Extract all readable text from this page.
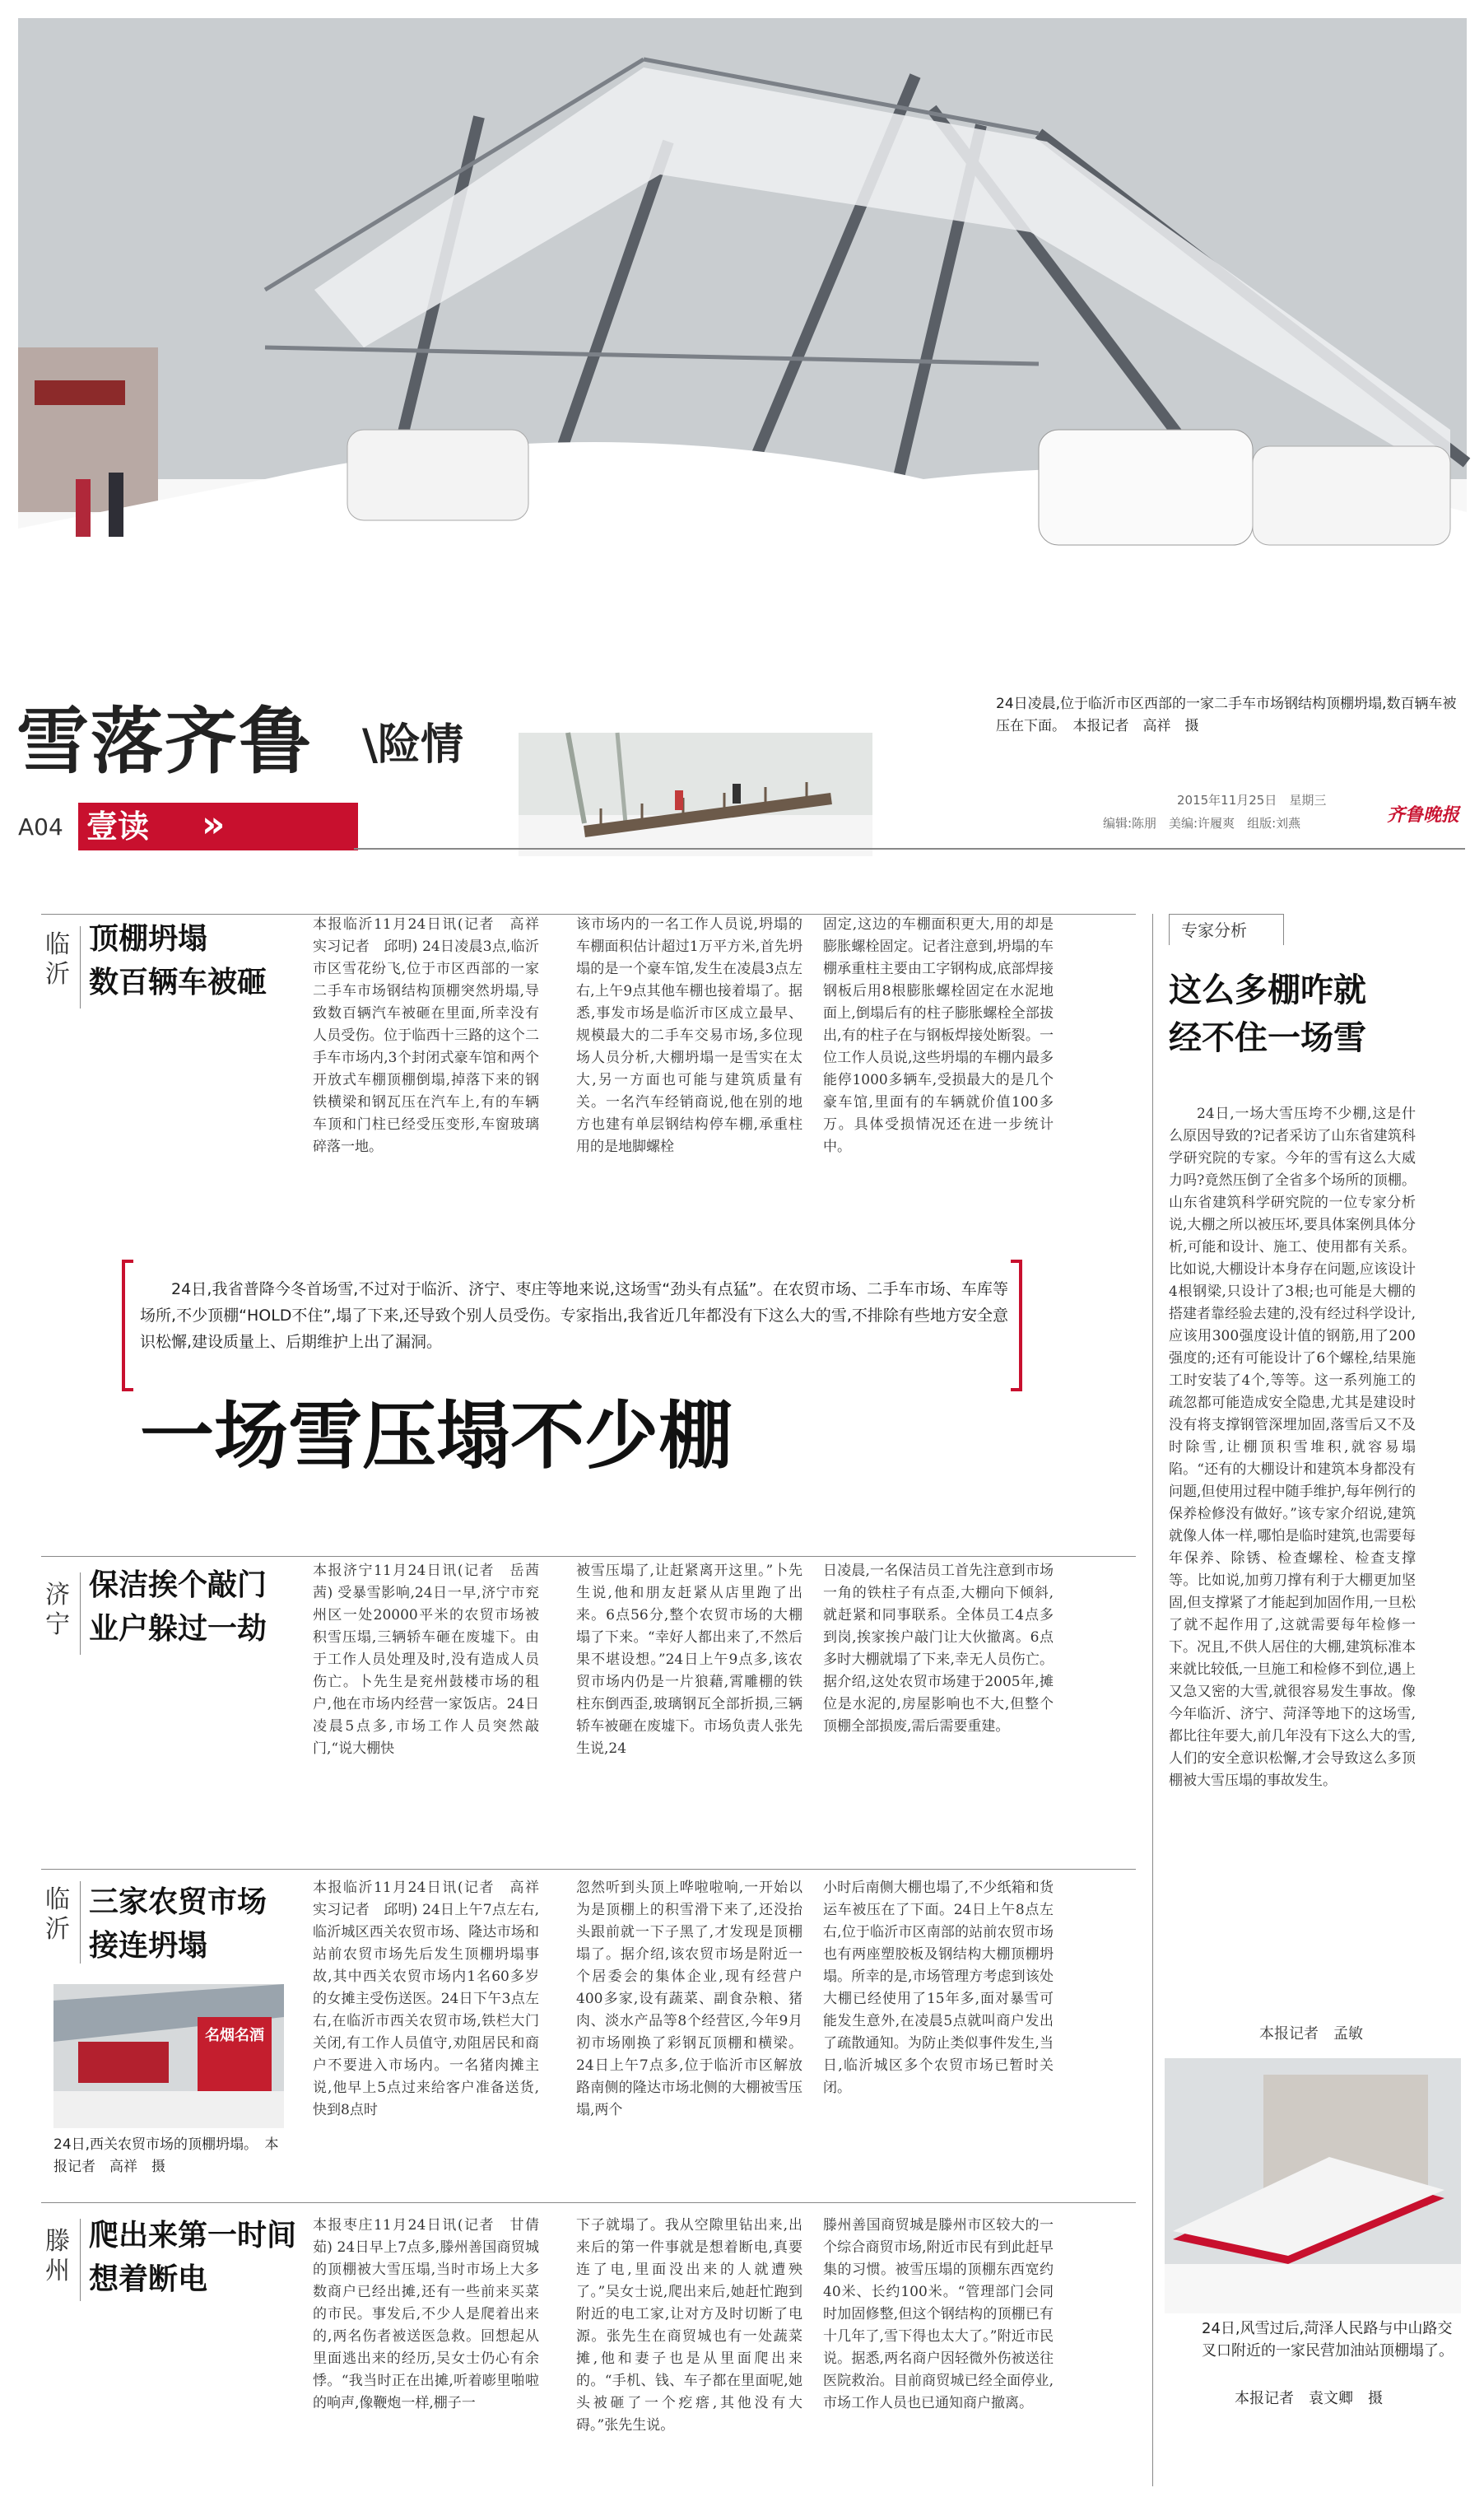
雪落齐鲁	\险情
A04 壹读 »
24日凌晨,位于临沂市区西部的一家二手车市场钢结构顶棚坍塌,数百辆车被压在下面。　本报记者　高祥　摄
2015年11月25日　星期三
编辑:陈朋　美编:许履爽　组版:刘燕	齐鲁晚报
临沂
顶棚坍塌
数百辆车被砸
本报临沂11月24日讯(记者　高祥　实习记者　邱明) 24日凌晨3点,临沂市区雪花纷飞,位于市区西部的一家二手车市场钢结构顶棚突然坍塌,导致数百辆汽车被砸在里面,所幸没有人员受伤。位于临西十三路的这个二手车市场内,3个封闭式豪车馆和两个开放式车棚顶棚倒塌,掉落下来的钢铁横梁和钢瓦压在汽车上,有的车辆车顶和门柱已经受压变形,车窗玻璃碎落一地。
该市场内的一名工作人员说,坍塌的车棚面积估计超过1万平方米,首先坍塌的是一个豪车馆,发生在凌晨3点左右,上午9点其他车棚也接着塌了。据悉,事发市场是临沂市区成立最早、规模最大的二手车交易市场,多位现场人员分析,大棚坍塌一是雪实在太大,另一方面也可能与建筑质量有关。一名汽车经销商说,他在别的地方也建有单层钢结构停车棚,承重柱用的是地脚螺栓
固定,这边的车棚面积更大,用的却是膨胀螺栓固定。记者注意到,坍塌的车棚承重柱主要由工字钢构成,底部焊接钢板后用8根膨胀螺栓固定在水泥地面上,倒塌后有的柱子膨胀螺栓全部拔出,有的柱子在与钢板焊接处断裂。一位工作人员说,这些坍塌的车棚内最多能停1000多辆车,受损最大的是几个豪车馆,里面有的车辆就价值100多万。具体受损情况还在进一步统计中。
24日,我省普降今冬首场雪,不过对于临沂、济宁、枣庄等地来说,这场雪“劲头有点猛”。在农贸市场、二手车市场、车库等场所,不少顶棚“HOLD不住”,塌了下来,还导致个别人员受伤。专家指出,我省近几年都没有下这么大的雪,不排除有些地方安全意识松懈,建设质量上、后期维护上出了漏洞。
一场雪压塌不少棚
济宁
保洁挨个敲门
业户躲过一劫
本报济宁11月24日讯(记者　岳茜茜) 受暴雪影响,24日一早,济宁市兖州区一处20000平米的农贸市场被积雪压塌,三辆轿车砸在废墟下。由于工作人员处理及时,没有造成人员伤亡。卜先生是兖州鼓楼市场的租户,他在市场内经营一家饭店。24日凌晨5点多,市场工作人员突然敲门,“说大棚快
被雪压塌了,让赶紧离开这里。”卜先生说,他和朋友赶紧从店里跑了出来。6点56分,整个农贸市场的大棚塌了下来。“幸好人都出来了,不然后果不堪设想。”24日上午9点多,该农贸市场内仍是一片狼藉,霄雕棚的铁柱东倒西歪,玻璃钢瓦全部折损,三辆轿车被砸在废墟下。市场负责人张先生说,24
日凌晨,一名保洁员工首先注意到市场一角的铁柱子有点歪,大棚向下倾斜,就赶紧和同事联系。全体员工4点多到岗,挨家挨户敲门让大伙撤离。6点多时大棚就塌了下来,幸无人员伤亡。据介绍,这处农贸市场建于2005年,摊位是水泥的,房屋影响也不大,但整个顶棚全部损废,需后需要重建。
临沂
三家农贸市场
接连坍塌
名烟名酒
24日,西关农贸市场的顶棚坍塌。　本报记者　高祥　摄
本报临沂11月24日讯(记者　高祥　实习记者　邱明) 24日上午7点左右,临沂城区西关农贸市场、隆达市场和站前农贸市场先后发生顶棚坍塌事故,其中西关农贸市场内1名60多岁的女摊主受伤送医。24日下午3点左右,在临沂市西关农贸市场,铁栏大门关闭,有工作人员值守,劝阻居民和商户不要进入市场内。一名猪肉摊主说,他早上5点过来给客户准备送货,快到8点时
忽然听到头顶上哗啦啦响,一开始以为是顶棚上的积雪滑下来了,还没抬头跟前就一下子黑了,才发现是顶棚塌了。据介绍,该农贸市场是附近一个居委会的集体企业,现有经营户400多家,设有蔬菜、副食杂粮、猪肉、淡水产品等8个经营区,今年9月初市场刚换了彩钢瓦顶棚和横梁。24日上午7点多,位于临沂市区解放路南侧的隆达市场北侧的大棚被雪压塌,两个
小时后南侧大棚也塌了,不少纸箱和货运车被压在了下面。24日上午8点左右,位于临沂市区南部的站前农贸市场也有两座塑胶板及钢结构大棚顶棚坍塌。所幸的是,市场管理方考虑到该处大棚已经使用了15年多,面对暴雪可能发生意外,在凌晨5点就叫商户发出了疏散通知。为防止类似事件发生,当日,临沂城区多个农贸市场已暂时关闭。
滕州
爬出来第一时间
想着断电
本报枣庄11月24日讯(记者　甘倩茹) 24日早上7点多,滕州善国商贸城的顶棚被大雪压塌,当时市场上大多数商户已经出摊,还有一些前来买菜的市民。事发后,不少人是爬着出来的,两名伤者被送医急救。回想起从里面逃出来的经历,吴女士仍心有余悸。“我当时正在出摊,听着嘭里啪啦的响声,像鞭炮一样,棚子一
下子就塌了。我从空隙里钻出来,出来后的第一件事就是想着断电,真要连了电,里面没出来的人就遭殃了。”吴女士说,爬出来后,她赶忙跑到附近的电工家,让对方及时切断了电源。张先生在商贸城也有一处蔬菜摊,他和妻子也是从里面爬出来的。“手机、钱、车子都在里面呢,她头被砸了一个疙瘩,其他没有大碍。”张先生说。
滕州善国商贸城是滕州市区较大的一个综合商贸市场,附近市民有到此赶早集的习惯。被雪压塌的顶棚东西宽约40米、长约100米。“管理部门会同时加固修整,但这个钢结构的顶棚已有十几年了,雪下得也太大了。”附近市民说。据悉,两名商户因轻微外伤被送往医院救治。目前商贸城已经全面停业,市场工作人员也已通知商户撤离。
专家分析
这么多棚咋就
经不住一场雪
24日,一场大雪压垮不少棚,这是什么原因导致的?记者采访了山东省建筑科学研究院的专家。今年的雪有这么大威力吗?竟然压倒了全省多个场所的顶棚。山东省建筑科学研究院的一位专家分析说,大棚之所以被压坏,要具体案例具体分析,可能和设计、施工、使用都有关系。比如说,大棚设计本身存在问题,应该设计4根钢梁,只设计了3根;也可能是大棚的搭建者靠经验去建的,没有经过科学设计,应该用300强度设计值的钢筋,用了200强度的;还有可能设计了6个螺栓,结果施工时安装了4个,等等。这一系列施工的疏忽都可能造成安全隐患,尤其是建设时没有将支撑钢管深埋加固,落雪后又不及时除雪,让棚顶积雪堆积,就容易塌陷。“还有的大棚设计和建筑本身都没有问题,但使用过程中随手维护,每年例行的保养检修没有做好。”该专家介绍说,建筑就像人体一样,哪怕是临时建筑,也需要每年保养、除锈、检查螺栓、检查支撑等。比如说,加剪刀撑有利于大棚更加坚固,但支撑紧了才能起到加固作用,一旦松了就不起作用了,这就需要每年检修一下。况且,不供人居住的大棚,建筑标准本来就比较低,一旦施工和检修不到位,遇上又急又密的大雪,就很容易发生事故。像今年临沂、济宁、菏泽等地下的这场雪,都比往年要大,前几年没有下这么大的雪,人们的安全意识松懈,才会导致这么多顶棚被大雪压塌的事故发生。
本报记者　孟敏
24日,风雪过后,菏泽人民路与中山路交叉口附近的一家民营加油站顶棚塌了。
本报记者　袁文卿　摄
